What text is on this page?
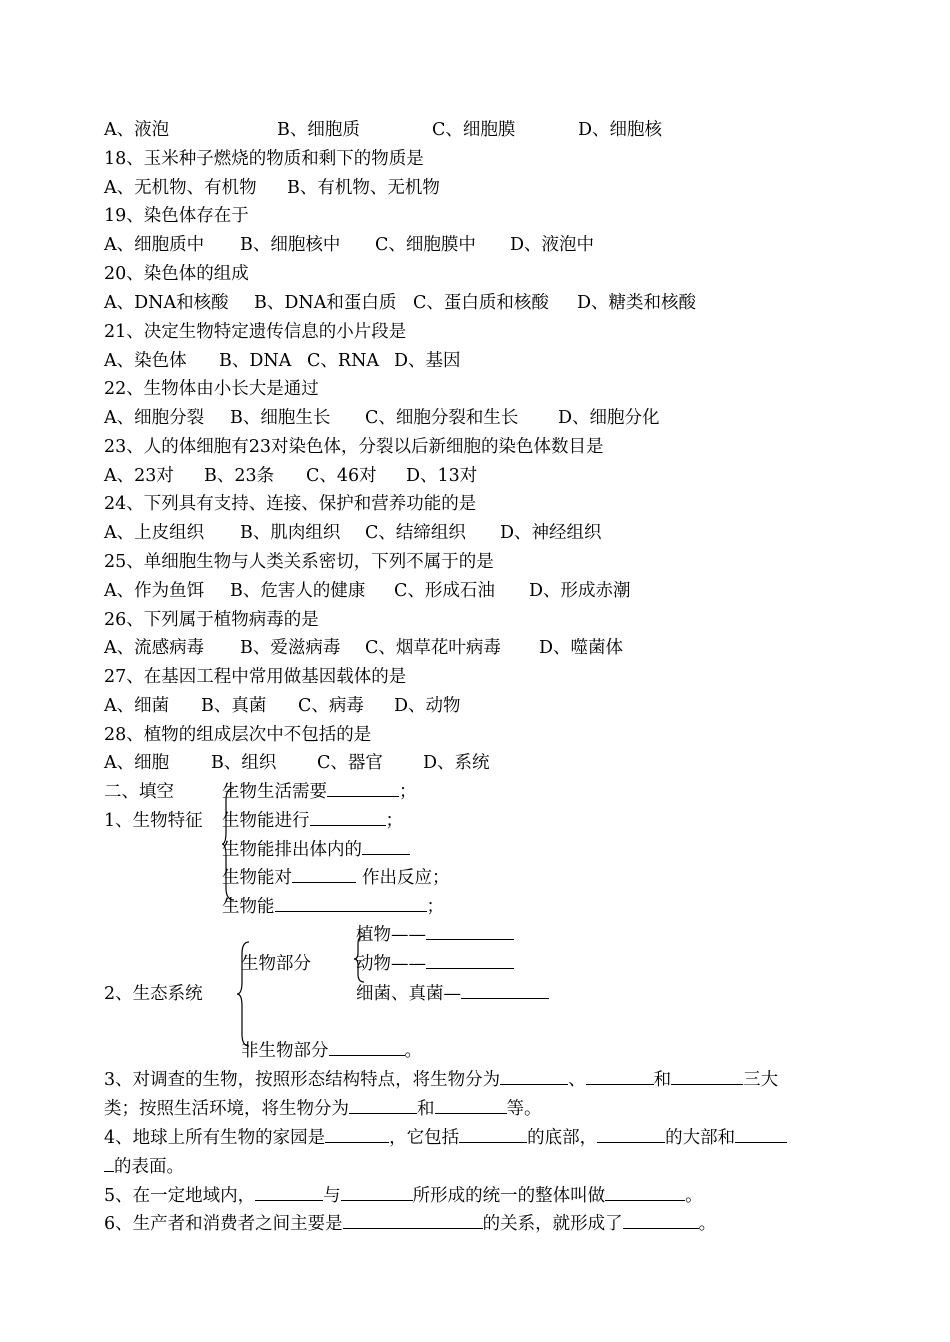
A、液泡	B、细胞质	C、细胞膜	D、细胞核
18、玉米种子燃烧的物质和剩下的物质是
A、无机物、有机物 B、有机物、无机物
19、染色体存在于
A、细胞质中 B、细胞核中 C、细胞膜中 D、液泡中
20、染色体的组成
A、DNA和核酸 B、DNA和蛋白质 C、蛋白质和核酸 D、糖类和核酸
21、决定生物特定遗传信息的小片段是
A、染色体 B、DNA C、RNA D、基因
22、生物体由小长大是通过
A、细胞分裂 B、细胞生长 C、细胞分裂和生长 D、细胞分化
23、人的体细胞有23对染色体，分裂以后新细胞的染色体数目是
A、23对 B、23条 C、46对 D、13对
24、下列具有支持、连接、保护和营养功能的是
A、上皮组织 B、肌肉组织 C、结缔组织 D、神经组织
25、单细胞生物与人类关系密切，下列不属于的是
A、作为鱼饵 B、危害人的健康 C、形成石油 D、形成赤潮
26、下列属于植物病毒的是
A、流感病毒 B、爱滋病毒 C、烟草花叶病毒 D、噬菌体
27、在基因工程中常用做基因载体的是
A、细菌 B、真菌 C、病毒 D、动物
28、植物的组成层次中不包括的是
A、细胞 B、组织 C、器官 D、系统
二、填空
1、生物特征
生物生活需要	；
生物能进行	；
生物能排出体内的
生物能对	作出反应；
生物能	；
2、生态系统
生物部分
植物——
动物——
细菌、真菌—
非生物部分	。
3、对调查的生物，按照形态结构特点，将生物分为	、	和	三大
类；按照生活环境，将生物分为	和	等。
4、地球上所有生物的家园是	，它包括	的底部，	的大部和
的表面。
5、在一定地域内，	与	所形成的统一的整体叫做	。
6、生产者和消费者之间主要是	的关系，就形成了	。
